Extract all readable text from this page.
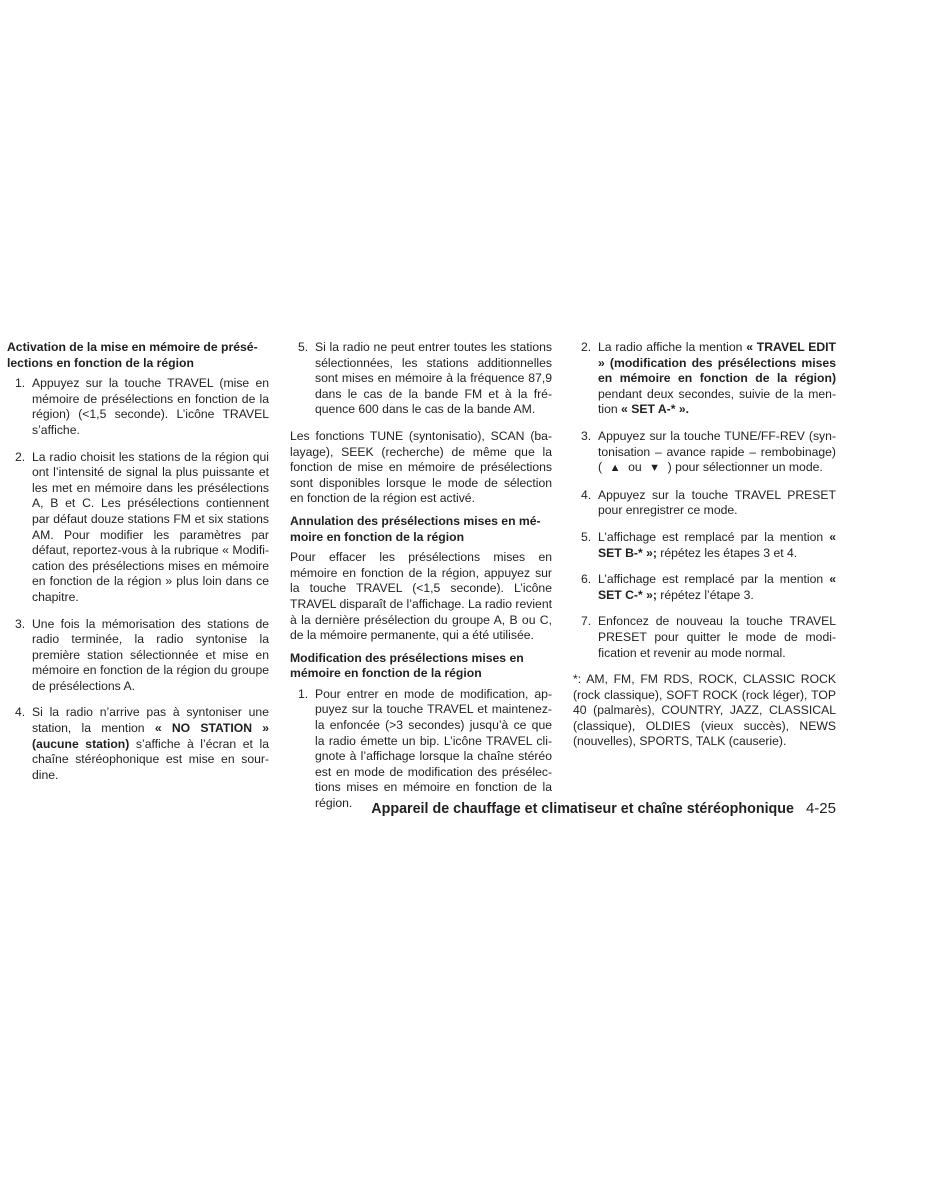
Activation de la mise en mémoire de présélections en fonction de la région
1. Appuyez sur la touche TRAVEL (mise en mémoire de présélections en fonction de la région) (<1,5 seconde). L’icône TRAVEL s’affiche.
2. La radio choisit les stations de la région qui ont l’intensité de signal la plus puissante et les met en mémoire dans les présélections A, B et C. Les présélections contiennent par défaut douze stations FM et six stations AM. Pour modifier les paramètres par défaut, reportez-vous à la rubrique « Modification des présélections mises en mémoire en fonction de la région » plus loin dans ce chapitre.
3. Une fois la mémorisation des stations de radio terminée, la radio syntonise la première station sélectionnée et mise en mémoire en fonction de la région du groupe de présélections A.
4. Si la radio n’arrive pas à syntoniser une station, la mention « NO STATION » (aucune station) s’affiche à l’écran et la chaîne stéréophonique est mise en sourdine.
5. Si la radio ne peut entrer toutes les stations sélectionnées, les stations additionnelles sont mises en mémoire à la fréquence 87,9 dans le cas de la bande FM et à la fréquence 600 dans le cas de la bande AM.

Les fonctions TUNE (syntonisatio), SCAN (balayage), SEEK (recherche) de même que la fonction de mise en mémoire de présélections sont disponibles lorsque le mode de sélection en fonction de la région est activé.

Annulation des présélections mises en mémoire en fonction de la région

Pour effacer les présélections mises en mémoire en fonction de la région, appuyez sur la touche TRAVEL (<1,5 seconde). L’icône TRAVEL disparaît de l’affichage. La radio revient à la dernière présélection du groupe A, B ou C, de la mémoire permanente, qui a été utilisée.

Modification des présélections mises en mémoire en fonction de la région
1. Pour entrer en mode de modification, appuyez sur la touche TRAVEL et maintenez-la enfoncée (>3 secondes) jusqu’à ce que la radio émette un bip. L’icône TRAVEL clignote à l’affichage lorsque la chaîne stéréo est en mode de modification des présélections mises en mémoire en fonction de la région.
2. La radio affiche la mention « TRAVEL EDIT » (modification des présélections mises en mémoire en fonction de la région) pendant deux secondes, suivie de la mention « SET A-* ».
3. Appuyez sur la touche TUNE/FF-REV (syntonisation – avance rapide – rembobinage) ( ▲ ou ▼ ) pour sélectionner un mode.
4. Appuyez sur la touche TRAVEL PRESET pour enregistrer ce mode.
5. L’affichage est remplacé par la mention « SET B-* »; répétez les étapes 3 et 4.
6. L’affichage est remplacé par la mention « SET C-* »; répétez l’étape 3.
7. Enfoncez de nouveau la touche TRAVEL PRESET pour quitter le mode de modification et revenir au mode normal.

*: AM, FM, FM RDS, ROCK, CLASSIC ROCK (rock classique), SOFT ROCK (rock léger), TOP 40 (palmarès), COUNTRY, JAZZ, CLASSICAL (classique), OLDIES (vieux succès), NEWS (nouvelles), SPORTS, TALK (causerie).

Appareil de chauffage et climatiseur et chaîne stéréophonique 4-25
